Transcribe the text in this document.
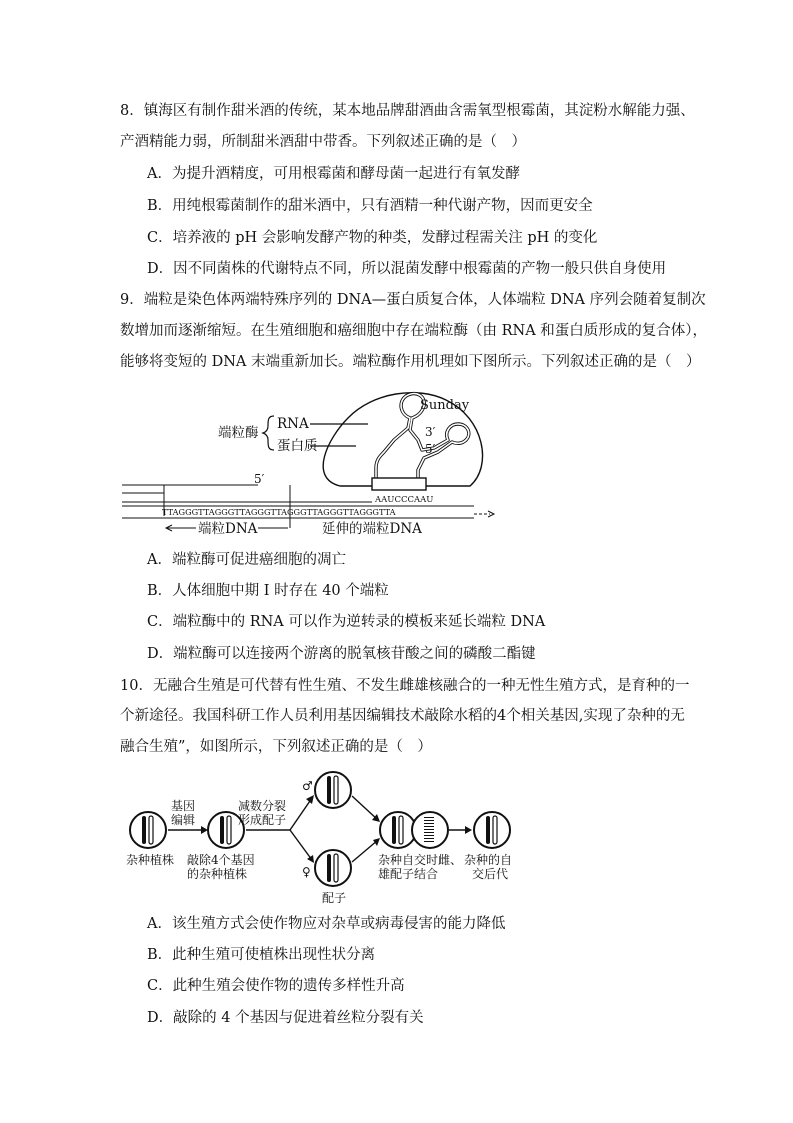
8．镇海区有制作甜米酒的传统，某本地品牌甜酒曲含需氧型根霉菌，其淀粉水解能力强、
产酒精能力弱，所制甜米酒甜中带香。下列叙述正确的是（　）
A．为提升酒精度，可用根霉菌和酵母菌一起进行有氧发酵
B．用纯根霉菌制作的甜米酒中，只有酒精一种代谢产物，因而更安全
C．培养液的 pH 会影响发酵产物的种类，发酵过程需关注 pH 的变化
D．因不同菌株的代谢特点不同，所以混菌发酵中根霉菌的产物一般只供自身使用
9．端粒是染色体两端特殊序列的 DNA—蛋白质复合体，人体端粒 DNA 序列会随着复制次
数增加而逐渐缩短。在生殖细胞和癌细胞中存在端粒酶（由 RNA 和蛋白质形成的复合体），
能够将变短的 DNA 末端重新加长。端粒酶作用机理如下图所示。下列叙述正确的是（　）
Sunday
3′
5′
端粒酶
RNA
蛋白质
5′
AAUCCCAAU
TTAGGGTTAGGGTTAGGGTTAGGGTTAGGGTTAGGGTTA
端粒DNA	延伸的端粒DNA
A．端粒酶可促进癌细胞的凋亡
B．人体细胞中期 I 时存在 40 个端粒
C．端粒酶中的 RNA 可以作为逆转录的模板来延长端粒 DNA
D．端粒酶可以连接两个游离的脱氧核苷酸之间的磷酸二酯键
10．无融合生殖是可代替有性生殖、不发生雌雄核融合的一种无性生殖方式，是育种的一
个新途径。我国科研工作人员利用基因编辑技术敲除水稻的4个相关基因,实现了杂种的无
融合生殖”，如图所示，下列叙述正确的是（　）
杂种植株
基因
编辑
敲除4个基因
的杂种植株
减数分裂
形成配子
♂
♀
配子
杂种自交时雌、
雄配子结合
杂种的自
交后代
A．该生殖方式会使作物应对杂草或病毒侵害的能力降低
B．此种生殖可使植株出现性状分离
C．此种生殖会使作物的遗传多样性升高
D．敲除的 4 个基因与促进着丝粒分裂有关
